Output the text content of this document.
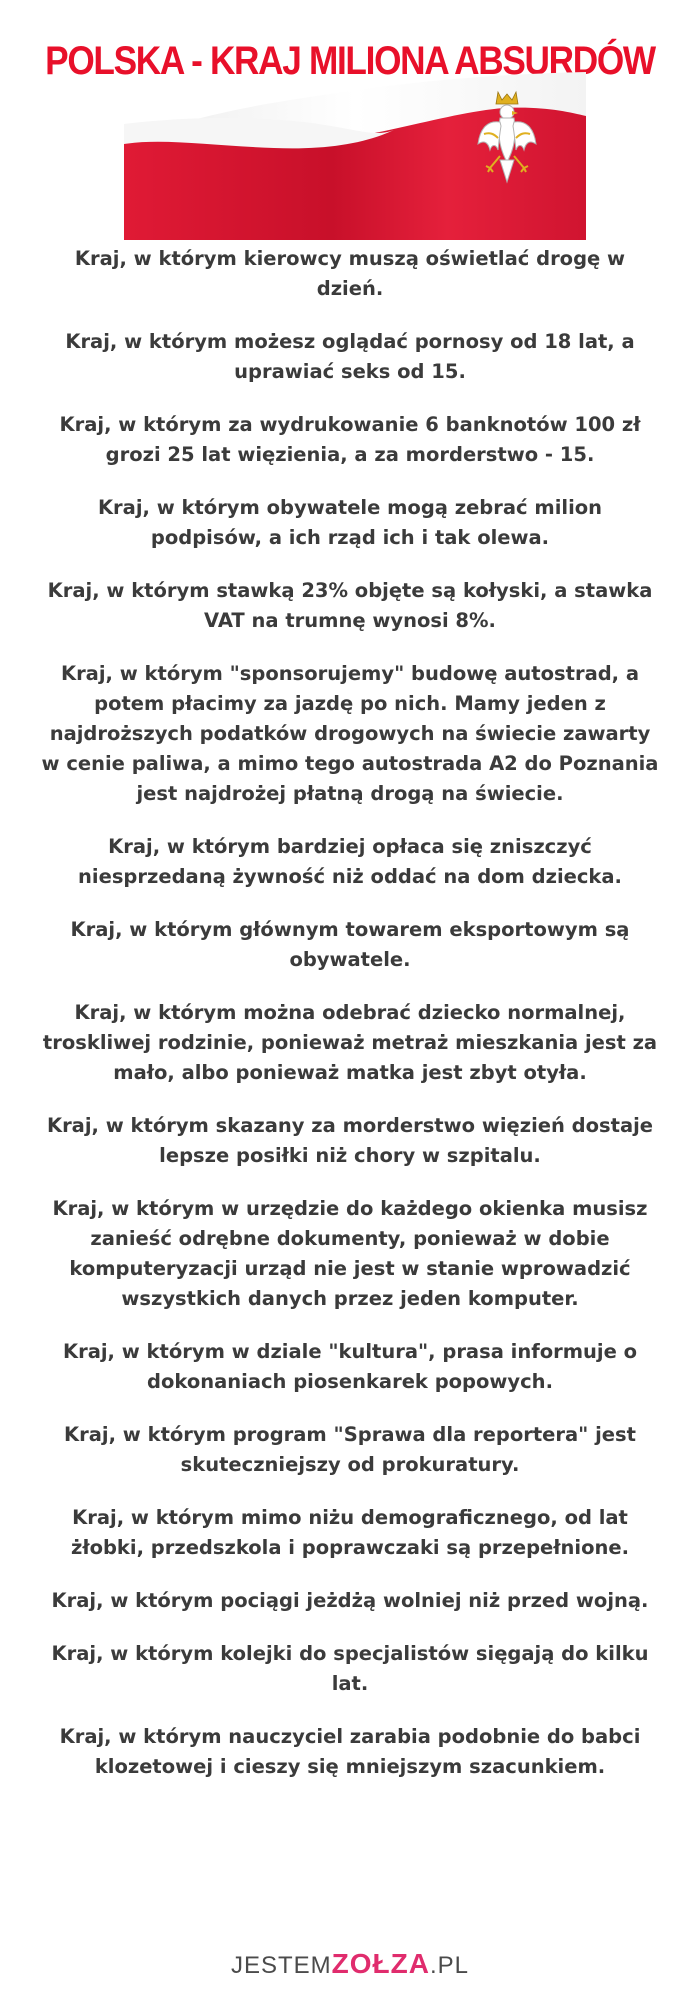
POLSKA - KRAJ MILIONA ABSURDÓW
Kraj, w którym kierowcy muszą oświetlać drogę w dzień.
Kraj, w którym możesz oglądać pornosy od 18 lat, a uprawiać seks od 15.
Kraj, w którym za wydrukowanie 6 banknotów 100 zł grozi 25 lat więzienia, a za morderstwo - 15.
Kraj, w którym obywatele mogą zebrać milion podpisów, a ich rząd ich i tak olewa.
Kraj, w którym stawką 23% objęte są kołyski, a stawka VAT na trumnę wynosi 8%.
Kraj, w którym "sponsorujemy" budowę autostrad, a potem płacimy za jazdę po nich. Mamy jeden z najdroższych podatków drogowych na świecie zawarty w cenie paliwa, a mimo tego autostrada A2 do Poznania jest najdrożej płatną drogą na świecie.
Kraj, w którym bardziej opłaca się zniszczyć niesprzedaną żywność niż oddać na dom dziecka.
Kraj, w którym głównym towarem eksportowym są obywatele.
Kraj, w którym można odebrać dziecko normalnej, troskliwej rodzinie, ponieważ metraż mieszkania jest za mało, albo ponieważ matka jest zbyt otyła.
Kraj, w którym skazany za morderstwo więzień dostaje lepsze posiłki niż chory w szpitalu.
Kraj, w którym w urzędzie do każdego okienka musisz zanieść odrębne dokumenty, ponieważ w dobie komputeryzacji urząd nie jest w stanie wprowadzić wszystkich danych przez jeden komputer.
Kraj, w którym w dziale "kultura", prasa informuje o dokonaniach piosenkarek popowych.
Kraj, w którym program "Sprawa dla reportera" jest skuteczniejszy od prokuratury.
Kraj, w którym mimo niżu demograficznego, od lat żłobki, przedszkola i poprawczaki są przepełnione.
Kraj, w którym pociągi jeżdżą wolniej niż przed wojną.
Kraj, w którym kolejki do specjalistów sięgają do kilku lat.
Kraj, w którym nauczyciel zarabia podobnie do babci klozetowej i cieszy się mniejszym szacunkiem.
JESTEMZOŁZA.PL
